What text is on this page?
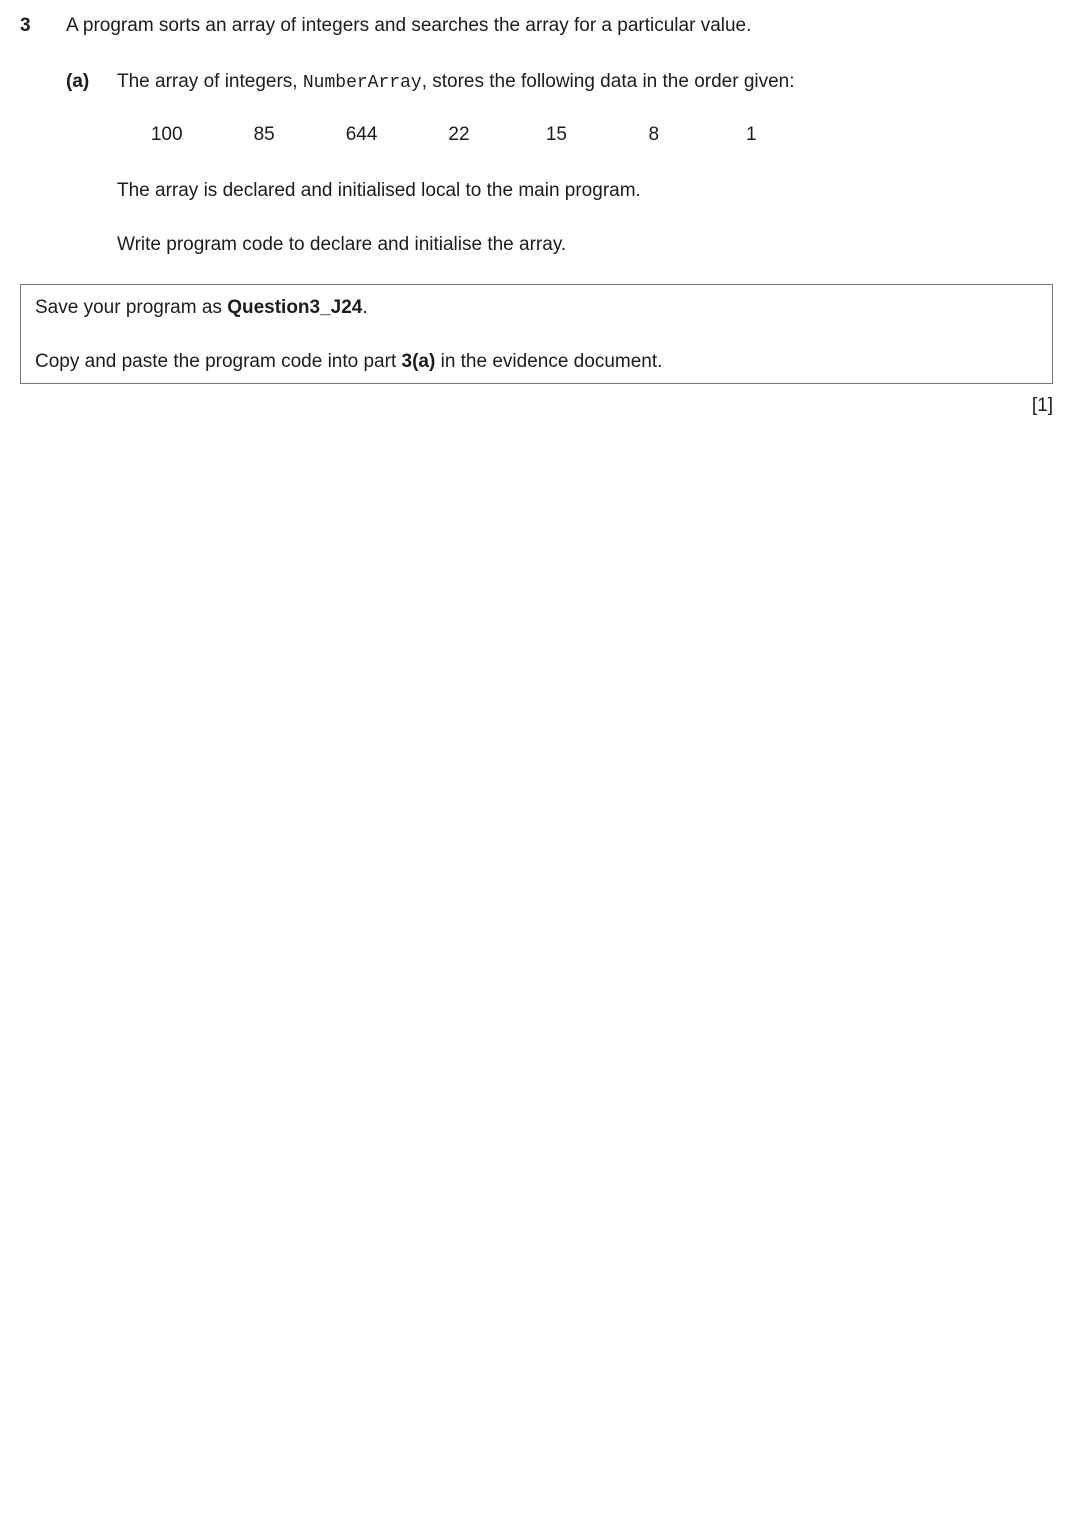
3	A program sorts an array of integers and searches the array for a particular value.
(a)	The array of integers, NumberArray, stores the following data in the order given:
100	85	644	22	15	8	1
The array is declared and initialised local to the main program.
Write program code to declare and initialise the array.
Save your program as Question3_J24.
Copy and paste the program code into part 3(a) in the evidence document.
[1]
